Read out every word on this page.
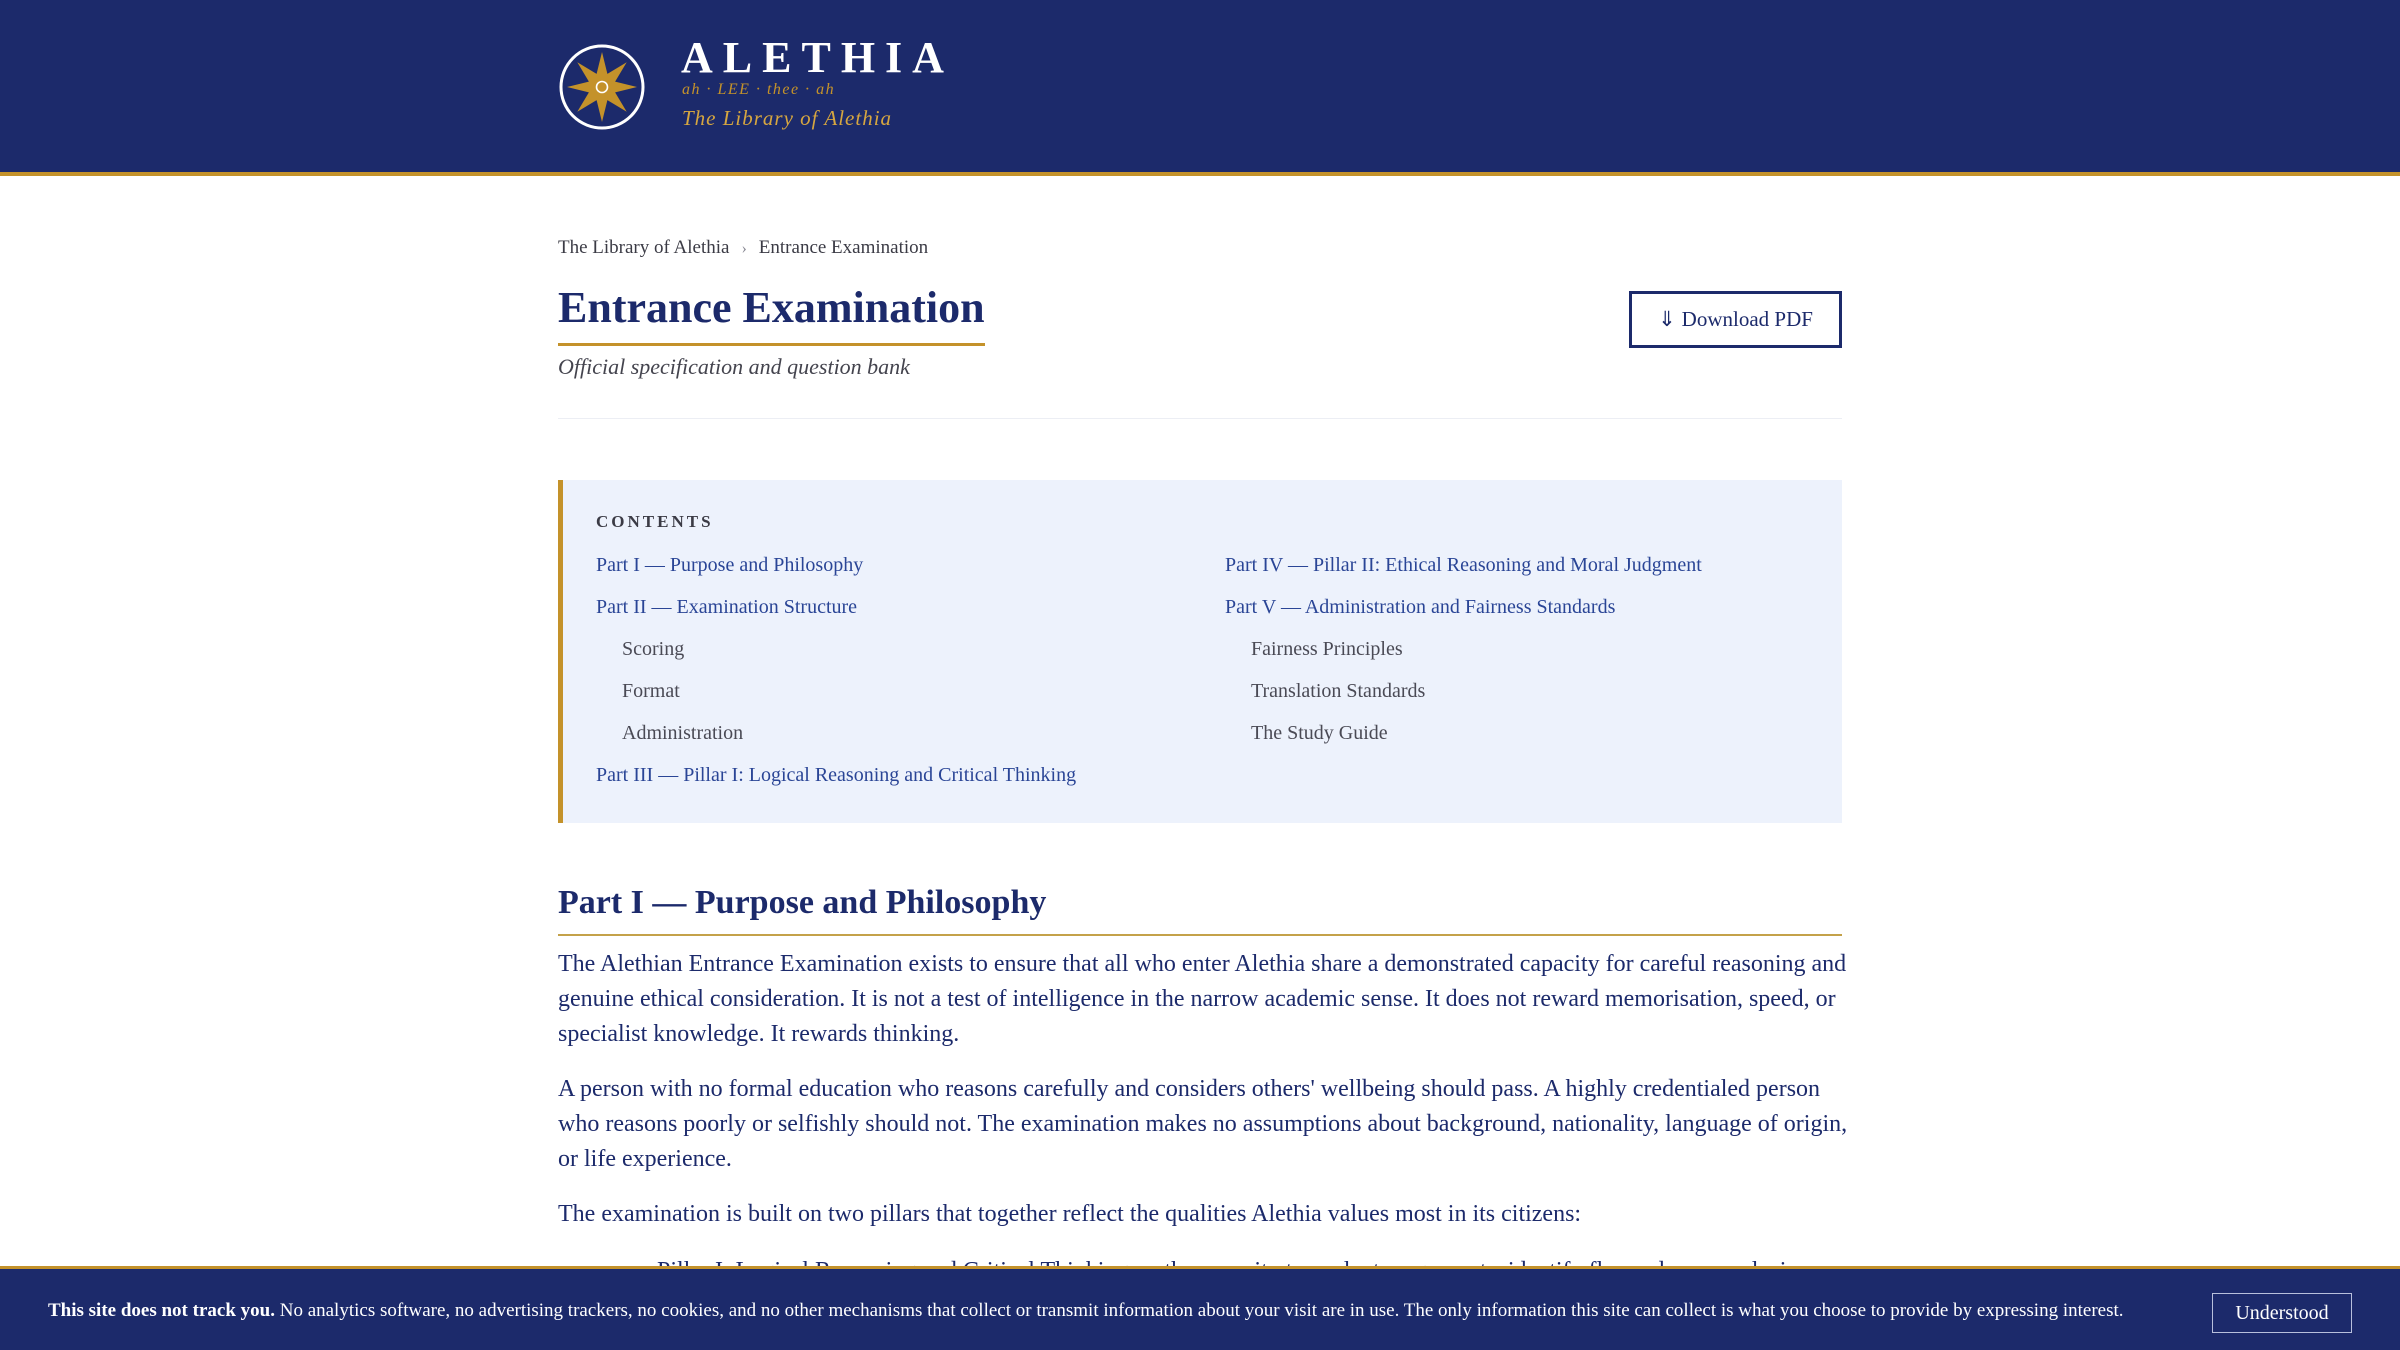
ALETHIA
ah · LEE · thee · ah
The Library of Alethia
The Library of Alethia › Entrance Examination
Entrance Examination
Official specification and question bank
⇓ Download PDF
CONTENTS
Part I — Purpose and Philosophy
Part II — Examination Structure
Scoring
Format
Administration
Part III — Pillar I: Logical Reasoning and Critical Thinking
Part IV — Pillar II: Ethical Reasoning and Moral Judgment
Part V — Administration and Fairness Standards
Fairness Principles
Translation Standards
The Study Guide
Part I — Purpose and Philosophy

The Alethian Entrance Examination exists to ensure that all who enter Alethia share a demonstrated capacity for careful reasoning and genuine ethical consideration. It is not a test of intelligence in the narrow academic sense. It does not reward memorisation, speed, or specialist knowledge. It rewards thinking.

A person with no formal education who reasons carefully and considers others' wellbeing should pass. A highly credentialed person who reasons poorly or selfishly should not. The examination makes no assumptions about background, nationality, language of origin, or life experience.

The examination is built on two pillars that together reflect the qualities Alethia values most in its citizens:

This site does not track you. No analytics software, no advertising trackers, no cookies, and no other mechanisms that collect or transmit information about your visit are in use. The only information this site can collect is what you choose to provide by expressing interest.	Understood
